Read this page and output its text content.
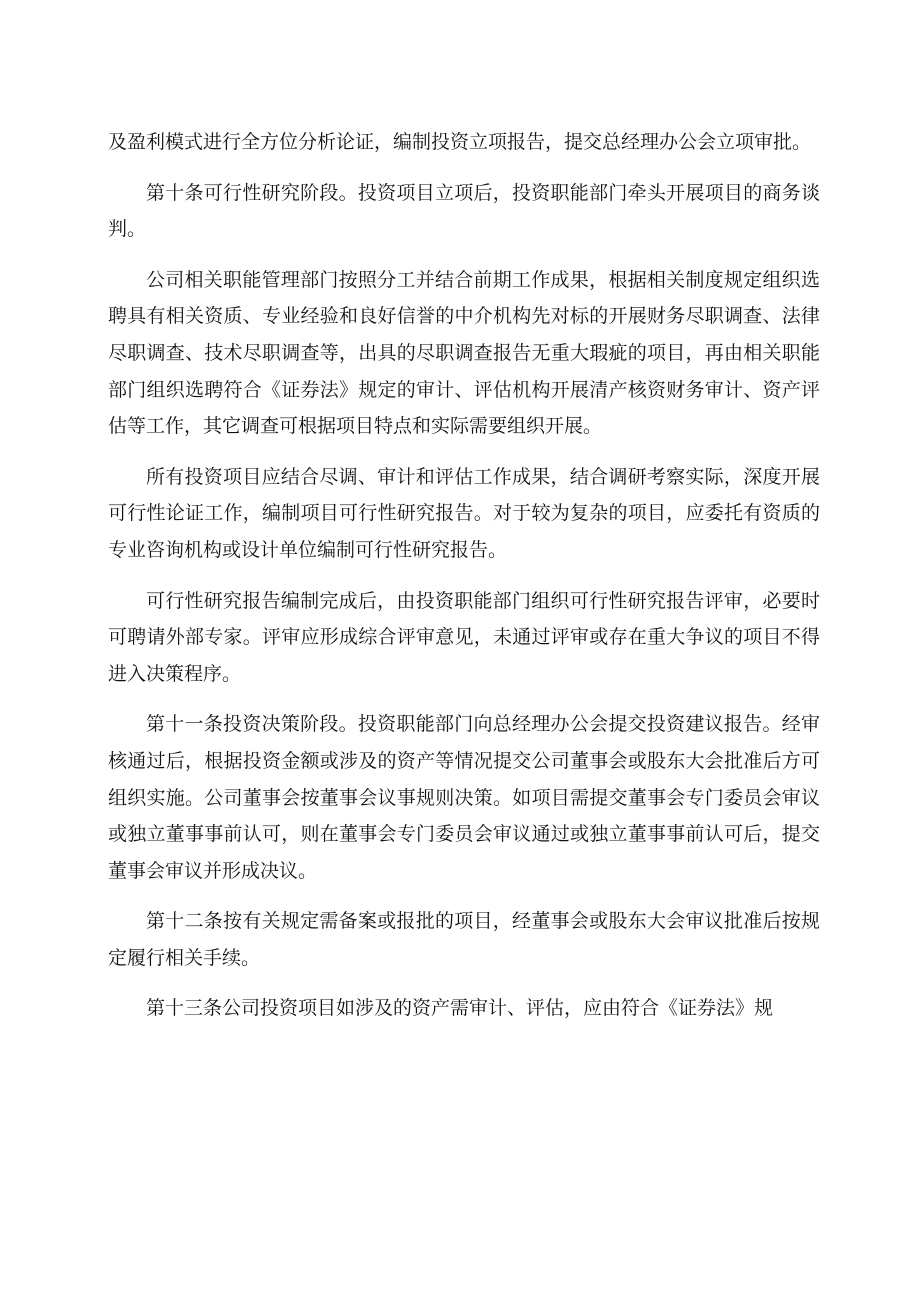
及盈利模式进行全方位分析论证，编制投资立项报告，提交总经理办公会立项审批。

第十条可行性研究阶段。投资项目立项后，投资职能部门牵头开展项目的商务谈判。

公司相关职能管理部门按照分工并结合前期工作成果，根据相关制度规定组织选聘具有相关资质、专业经验和良好信誉的中介机构先对标的开展财务尽职调查、法律尽职调查、技术尽职调查等，出具的尽职调查报告无重大瑕疵的项目，再由相关职能部门组织选聘符合《证券法》规定的审计、评估机构开展清产核资财务审计、资产评估等工作，其它调查可根据项目特点和实际需要组织开展。

所有投资项目应结合尽调、审计和评估工作成果，结合调研考察实际，深度开展可行性论证工作，编制项目可行性研究报告。对于较为复杂的项目，应委托有资质的专业咨询机构或设计单位编制可行性研究报告。

可行性研究报告编制完成后，由投资职能部门组织可行性研究报告评审，必要时可聘请外部专家。评审应形成综合评审意见，未通过评审或存在重大争议的项目不得进入决策程序。

第十一条投资决策阶段。投资职能部门向总经理办公会提交投资建议报告。经审核通过后，根据投资金额或涉及的资产等情况提交公司董事会或股东大会批准后方可组织实施。公司董事会按董事会议事规则决策。如项目需提交董事会专门委员会审议或独立董事事前认可，则在董事会专门委员会审议通过或独立董事事前认可后，提交董事会审议并形成决议。

第十二条按有关规定需备案或报批的项目，经董事会或股东大会审议批准后按规定履行相关手续。

第十三条公司投资项目如涉及的资产需审计、评估，应由符合《证券法》规
